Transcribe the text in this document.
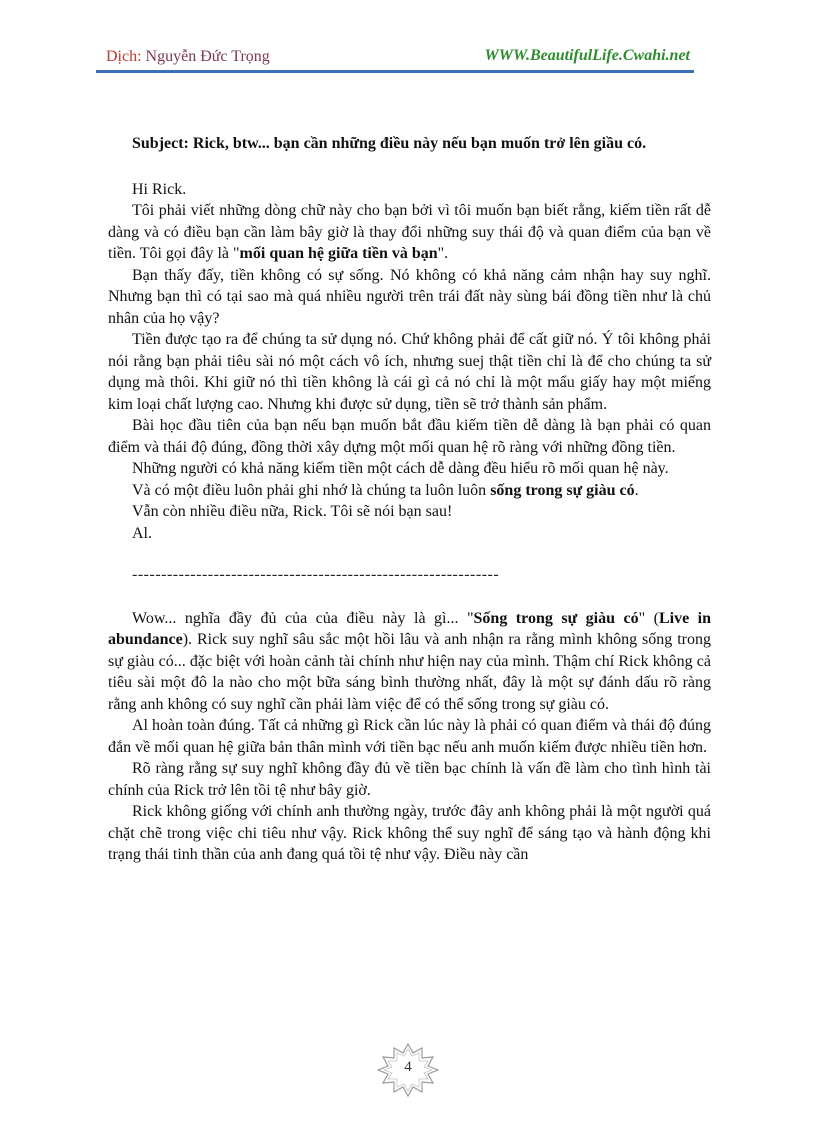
Dịch: Nguyễn Đức Trọng	WWW.BeautifulLife.Cwahi.net

Subject: Rick, btw... bạn cần những điều này nếu bạn muốn trở lên giầu có.

Hi Rick.

Tôi phải viết những dòng chữ này cho bạn bởi vì tôi muốn bạn biết rằng, kiếm tiền rất dễ dàng và có điều bạn cần làm bây giờ là thay đổi những suy thái độ và quan điểm của bạn về tiền. Tôi gọi đây là "mối quan hệ giữa tiền và bạn".

Bạn thấy đấy, tiền không có sự sống. Nó không có khả năng cảm nhận hay suy nghĩ. Nhưng bạn thì có tại sao mà quá nhiều người trên trái đất này sùng bái đồng tiền như là chủ nhân của họ vậy?

Tiền được tạo ra để chúng ta sử dụng nó. Chứ không phải để cất giữ nó. Ý tôi không phải nói rằng bạn phải tiêu sài nó một cách vô ích, nhưng suej thật tiền chỉ là để cho chúng ta sử dụng mà thôi. Khi giữ nó thì tiền không là cái gì cả nó chỉ là một mẩu giấy hay một miếng kim loại chất lượng cao. Nhưng khi được sử dụng, tiền sẽ trở thành sản phẩm.

Bài học đầu tiên của bạn nếu bạn muốn bắt đầu kiếm tiền dễ dàng là bạn phải có quan điểm và thái độ đúng, đồng thời xây dựng một mối quan hệ rõ ràng với những đồng tiền.

Những người có khả năng kiếm tiền một cách dễ dàng đều hiểu rõ mối quan hệ này.

Và có một điều luôn phải ghi nhớ là chúng ta luôn luôn sống trong sự giàu có.

Vẫn còn nhiều điều nữa, Rick. Tôi sẽ nói bạn sau!

Al.

---------------------------------------------------------------

Wow... nghĩa đầy đủ của của điều này là gì... "Sống trong sự giàu có" (Live in abundance). Rick suy nghĩ sâu sắc một hồi lâu và anh nhận ra rằng mình không sống trong sự giàu có... đặc biệt với hoàn cảnh tài chính như hiện nay của mình. Thậm chí Rick không cả tiêu sài một đô la nào cho một bữa sáng bình thường nhất, đây là một sự đánh dấu rõ ràng rằng anh không có suy nghĩ cần phải làm việc để có thể sống trong sự giàu có.

Al hoàn toàn đúng. Tất cả những gì Rick cần lúc này là phải có quan điểm và thái độ đúng đắn về mối quan hệ giữa bản thân mình với tiền bạc nếu anh muốn kiếm được nhiều tiền hơn.

Rõ ràng rằng sự suy nghĩ không đầy đủ về tiền bạc chính là vấn đề làm cho tình hình tài chính của Rick trở lên tồi tệ như bây giờ.

Rick không giống với chính anh thường ngày, trước đây anh không phải là một người quá chặt chẽ trong việc chi tiêu như vậy. Rick không thể suy nghĩ để sáng tạo và hành động khi trạng thái tinh thần của anh đang quá tồi tệ như vậy. Điều này cần

4
